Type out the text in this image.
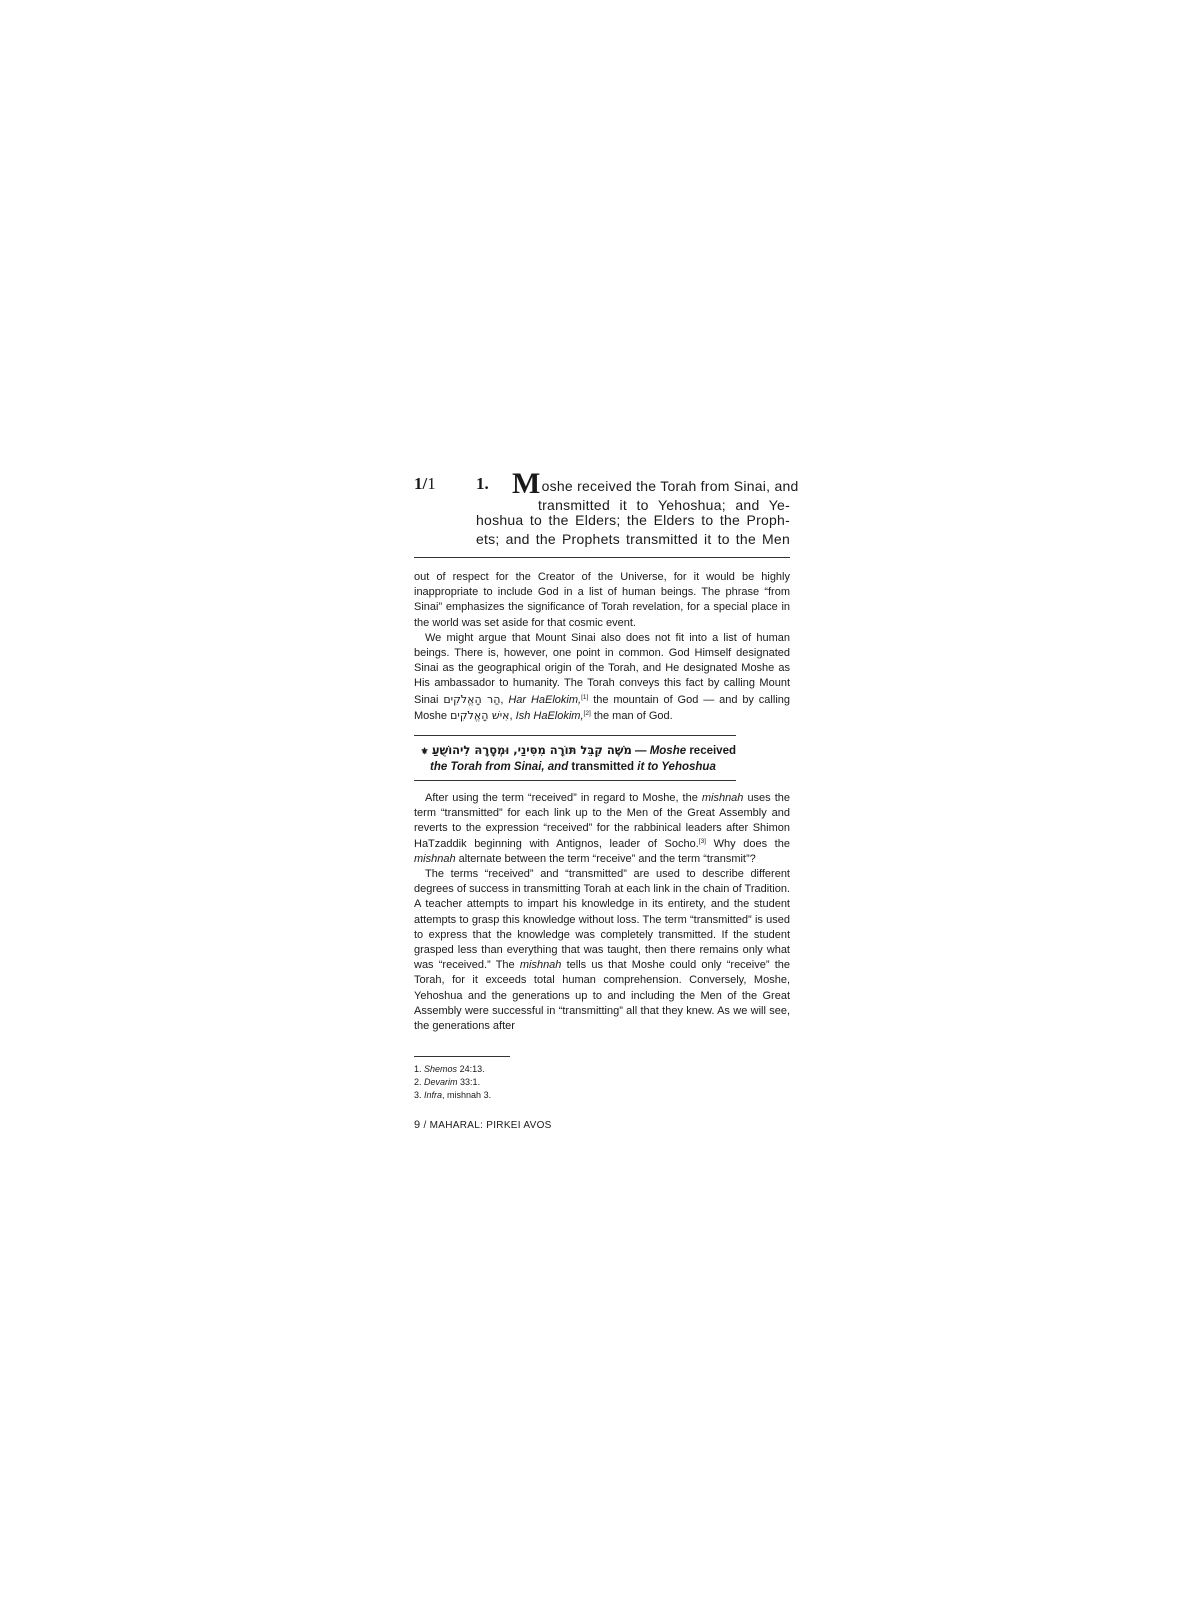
1/1 1. Moshe received the Torah from Sinai, and
transmitted it to Yehoshua; and Ye-
hoshua to the Elders; the Elders to the Proph-
ets; and the Prophets transmitted it to the Men

out of respect for the Creator of the Universe, for it would be highly inappropriate to include God in a list of human beings. The phrase “from Sinai” emphasizes the significance of Torah revelation, for a special place in the world was set aside for that cosmic event.

We might argue that Mount Sinai also does not fit into a list of human beings. There is, however, one point in common. God Himself designated Sinai as the geographical origin of the Torah, and He designated Moshe as His ambassador to humanity. The Torah conveys this fact by calling Mount Sinai הַר הָאֱלֹקִים, Har HaElokim,[1] the mountain of God — and by calling Moshe אִישׁ הָאֱלֹקִים, Ish HaElokim,[2] the man of God.

⚜ מֹשֶׁה קִבֵּל תּוֹרָה מִסִּינַי, וּמְסָרָהּ לִיהוֹשֻׁעַ — Moshe received
the Torah from Sinai, and transmitted it to Yehoshua

After using the term “received” in regard to Moshe, the mishnah uses the term “transmitted” for each link up to the Men of the Great Assembly and reverts to the expression “received” for the rabbinical leaders after Shimon HaTzaddik beginning with Antignos, leader of Socho.[3] Why does the mishnah alternate between the term “receive” and the term “transmit”?

The terms “received” and “transmitted” are used to describe different degrees of success in transmitting Torah at each link in the chain of Tradition. A teacher attempts to impart his knowledge in its entirety, and the student attempts to grasp this knowledge without loss. The term “transmitted” is used to express that the knowledge was completely transmitted. If the student grasped less than everything that was taught, then there remains only what was “received.” The mishnah tells us that Moshe could only “receive” the Torah, for it exceeds total human comprehension. Conversely, Moshe, Yehoshua and the generations up to and including the Men of the Great Assembly were successful in “transmitting” all that they knew. As we will see, the generations after

1. Shemos 24:13.
2. Devarim 33:1.
3. Infra, mishnah 3.
9 / MAHARAL: PIRKEI AVOS
